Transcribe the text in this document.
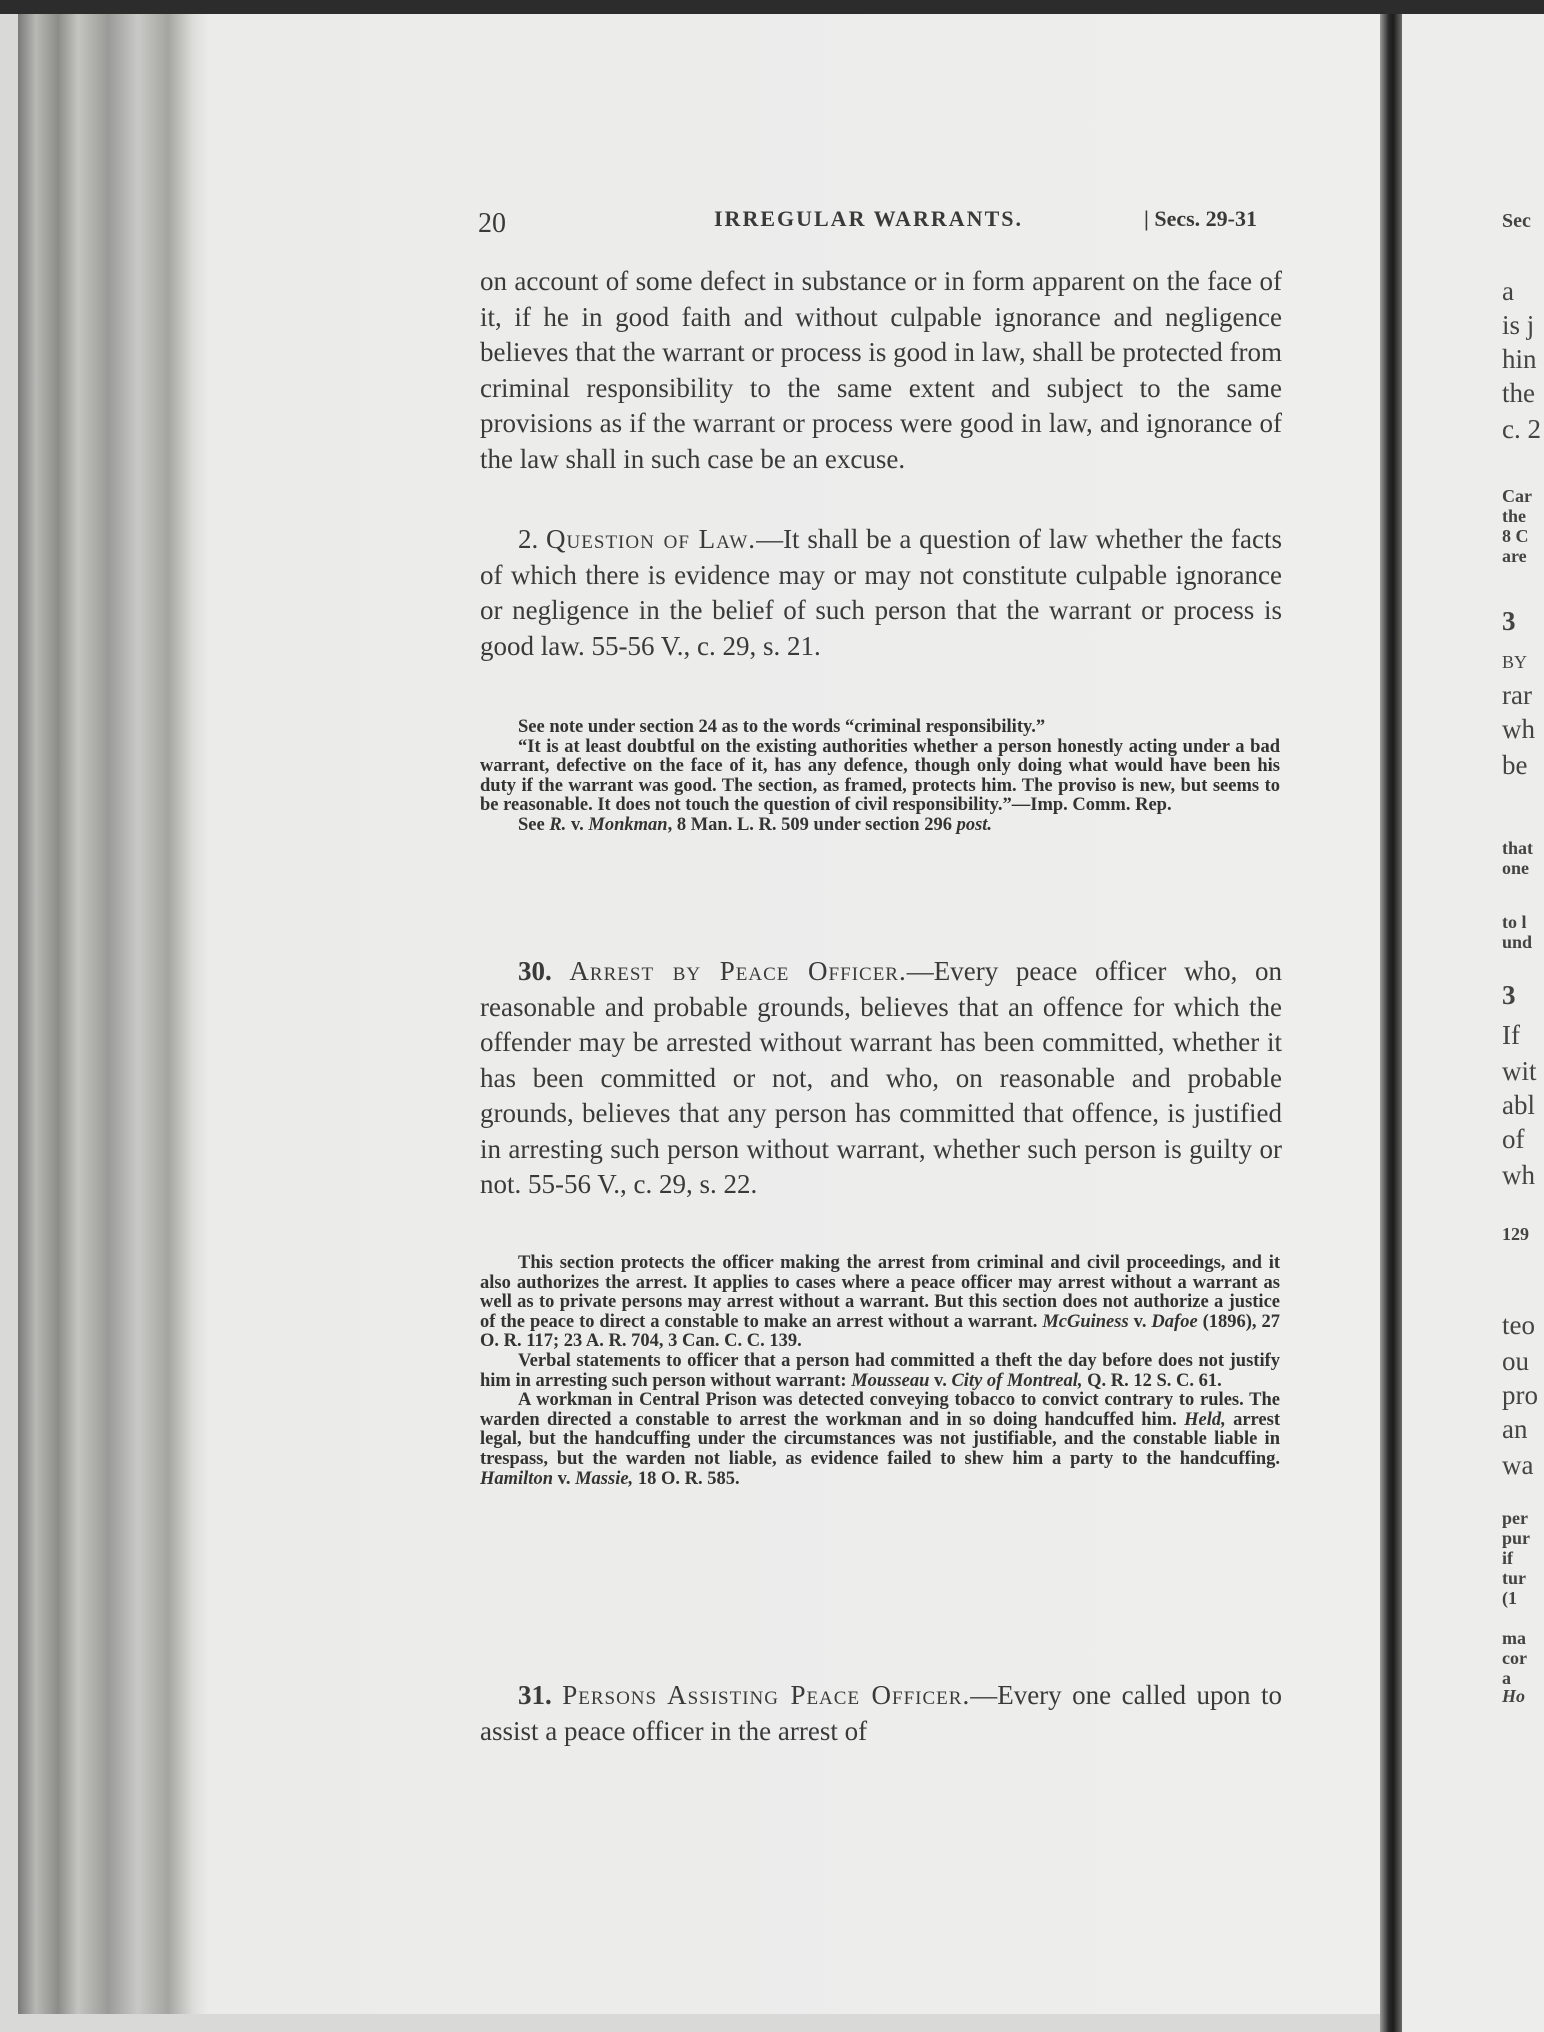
20	IRREGULAR WARRANTS.	| Secs. 29-31

on account of some defect in substance or in form apparent on the face of it, if he in good faith and without culpable ignorance and negligence believes that the warrant or process is good in law, shall be protected from criminal responsibility to the same extent and subject to the same provisions as if the warrant or process were good in law, and ignorance of the law shall in such case be an excuse.

2. Question of Law.—It shall be a question of law whether the facts of which there is evidence may or may not constitute culpable ignorance or negligence in the belief of such person that the warrant or process is good law. 55-56 V., c. 29, s. 21.

See note under section 24 as to the words “criminal responsibility.”
“It is at least doubtful on the existing authorities whether a person honestly acting under a bad warrant, defective on the face of it, has any defence, though only doing what would have been his duty if the warrant was good. The section, as framed, protects him. The proviso is new, but seems to be reasonable. It does not touch the question of civil responsibility.”—Imp. Comm. Rep.
See R. v. Monkman, 8 Man. L. R. 509 under section 296 post.

30. Arrest by Peace Officer.—Every peace officer who, on reasonable and probable grounds, believes that an offence for which the offender may be arrested without warrant has been committed, whether it has been committed or not, and who, on reasonable and probable grounds, believes that any person has committed that offence, is justified in arresting such person without warrant, whether such person is guilty or not. 55-56 V., c. 29, s. 22.

This section protects the officer making the arrest from criminal and civil proceedings, and it also authorizes the arrest. It applies to cases where a peace officer may arrest without a warrant as well as to private persons may arrest without a warrant. But this section does not authorize a justice of the peace to direct a constable to make an arrest without a warrant. McGuiness v. Dafoe (1896), 27 O. R. 117; 23 A. R. 704, 3 Can. C. C. 139.
Verbal statements to officer that a person had committed a theft the day before does not justify him in arresting such person without warrant: Mousseau v. City of Montreal, Q. R. 12 S. C. 61.
A workman in Central Prison was detected conveying tobacco to convict contrary to rules. The warden directed a constable to arrest the workman and in so doing handcuffed him. Held, arrest legal, but the handcuffing under the circumstances was not justifiable, and the constable liable in trespass, but the warden not liable, as evidence failed to shew him a party to the handcuffing. Hamilton v. Massie, 18 O. R. 585.

31. Persons Assisting Peace Officer.—Every one called upon to assist a peace officer in the arrest of

Sec
a
is j
hin
the
c. 2
Car
the
8 C
are
3
BY
rar
wh
be
that
one
to l
und
3
If
wit
abl
of
wh
129
teo
ou
pro
an
wa
per
pur
if
tur
(1
ma
cor
a
Ho
